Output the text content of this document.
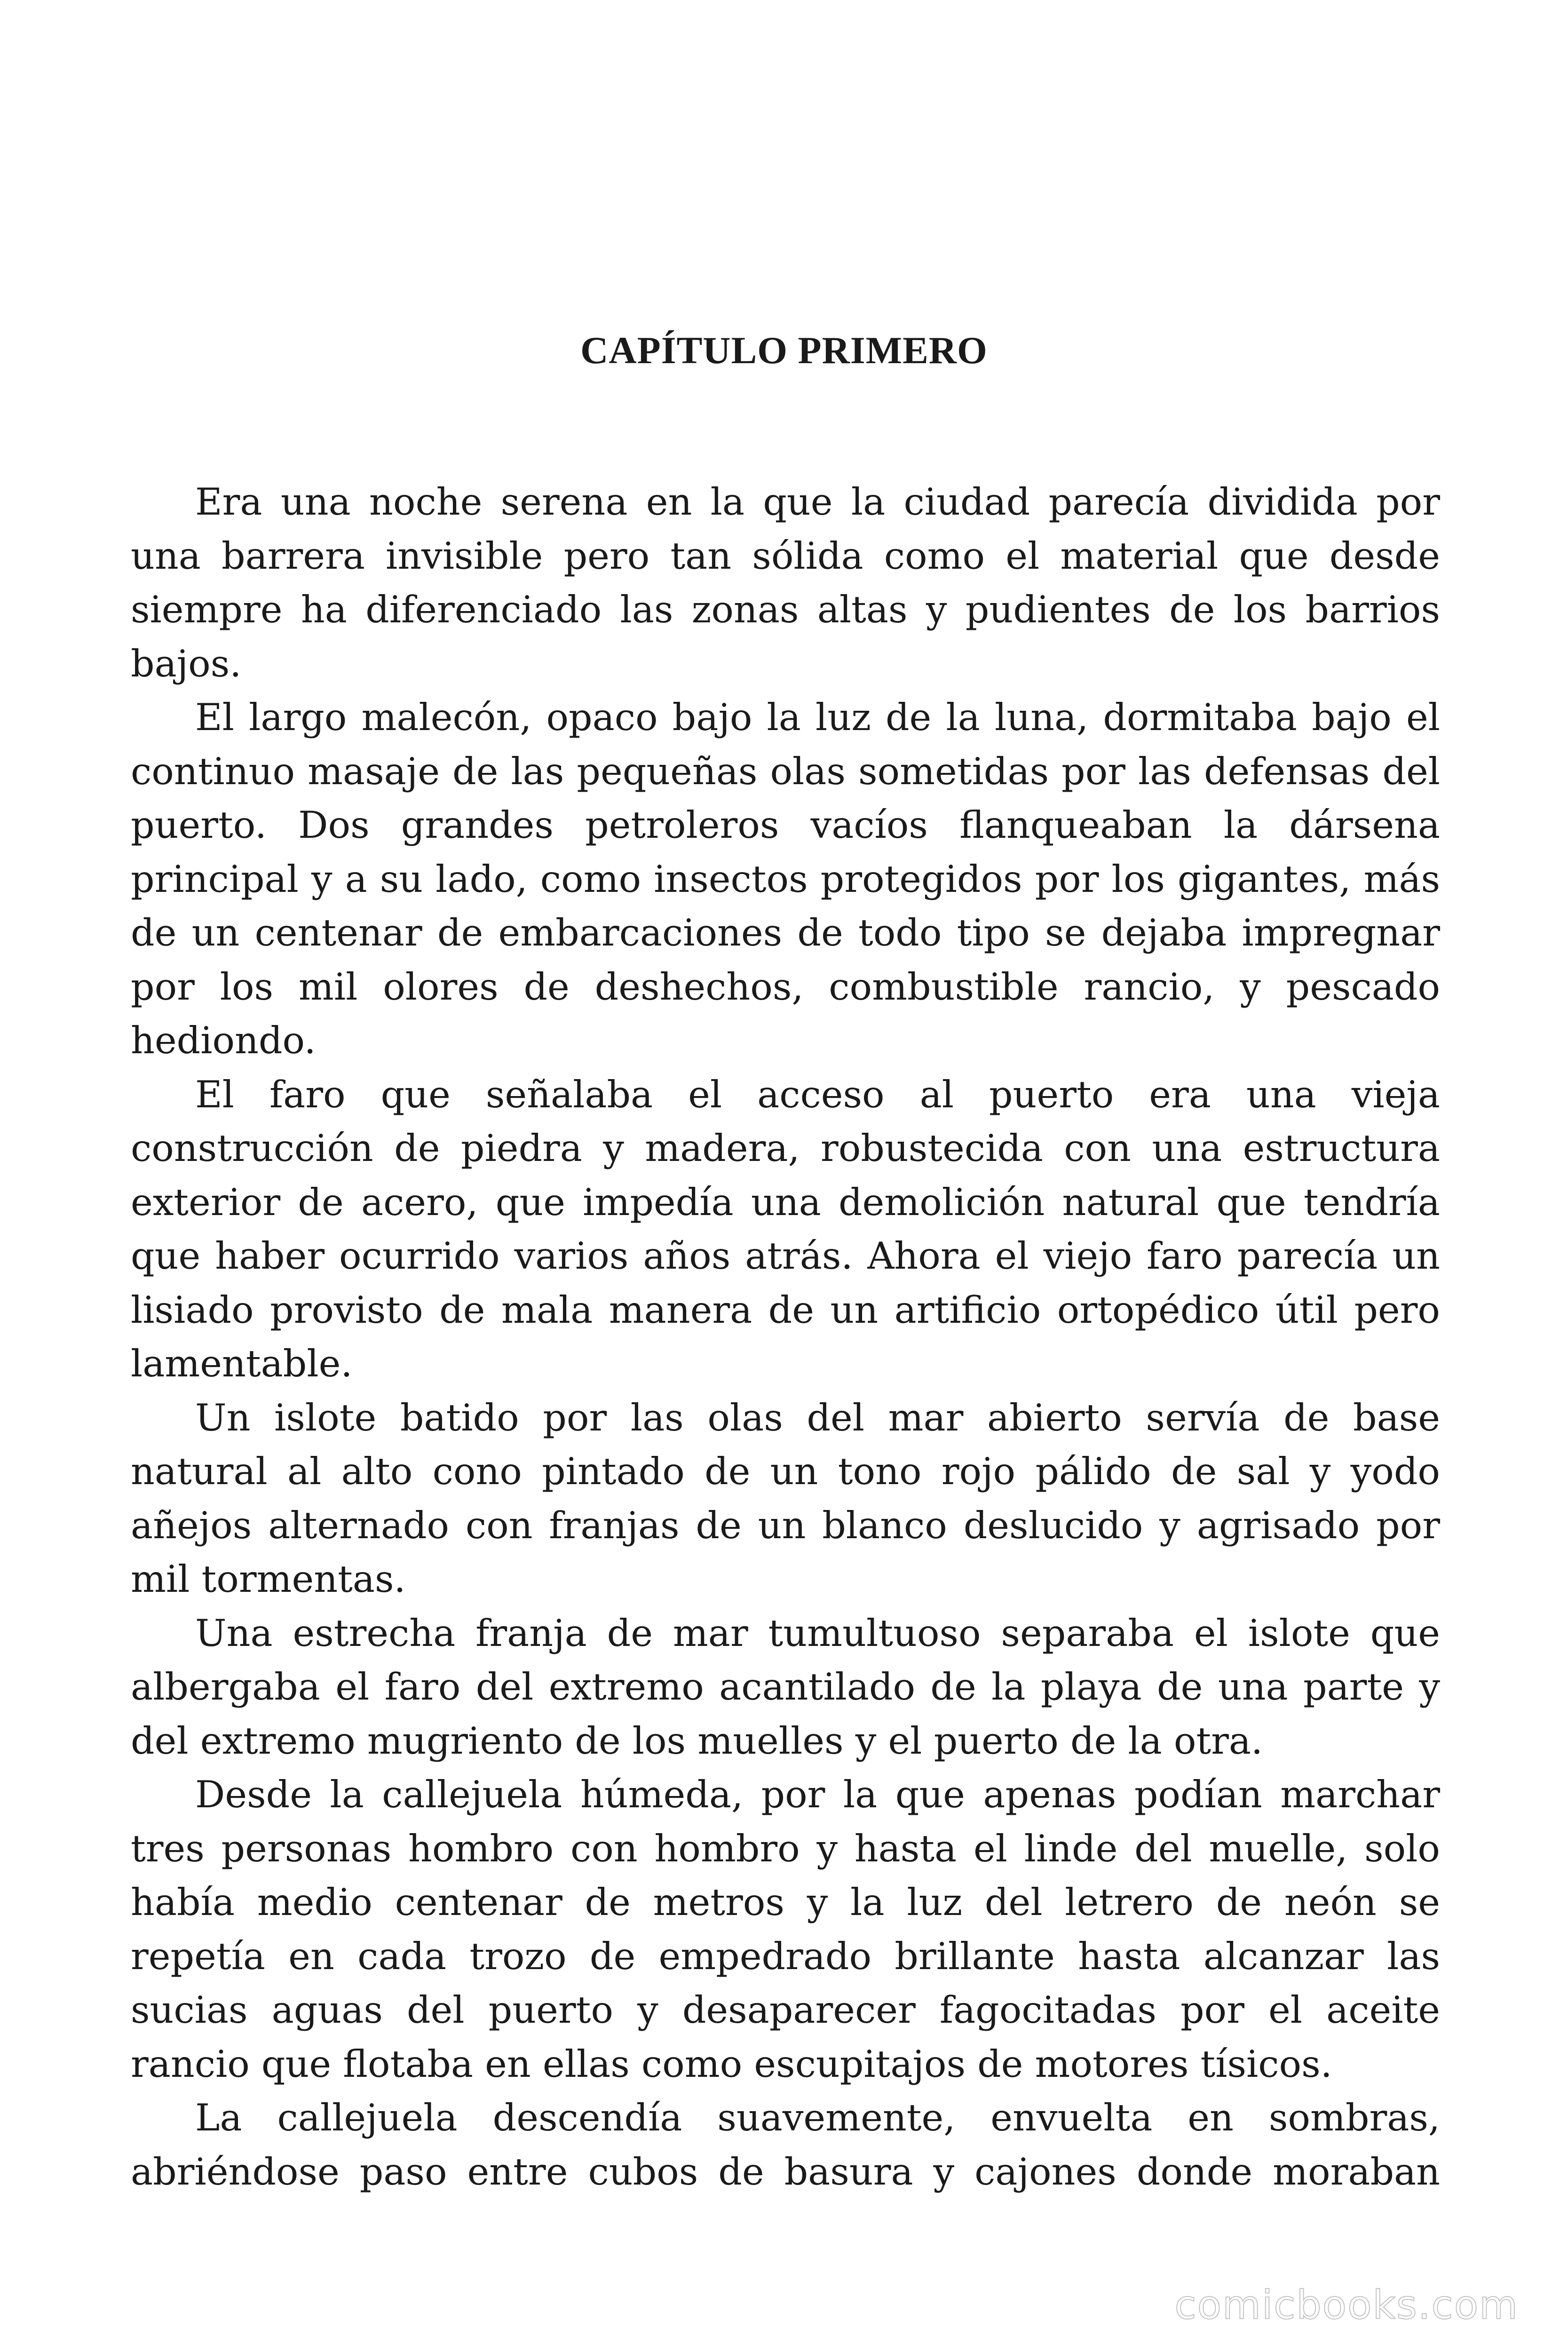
CAPÍTULO PRIMERO

Era una noche serena en la que la ciudad parecía dividida por una barrera invisible pero tan sólida como el material que desde siempre ha diferenciado las zonas altas y pudientes de los barrios bajos.

El largo malecón, opaco bajo la luz de la luna, dormitaba bajo el continuo masaje de las pequeñas olas sometidas por las defensas del puerto. Dos grandes petroleros vacíos flanqueaban la dársena principal y a su lado, como insectos protegidos por los gigantes, más de un centenar de embarcaciones de todo tipo se dejaba impregnar por los mil olores de deshechos, combustible rancio, y pescado hediondo.

El faro que señalaba el acceso al puerto era una vieja construcción de piedra y madera, robustecida con una estructura exterior de acero, que impedía una demolición natural que tendría que haber ocurrido varios años atrás. Ahora el viejo faro parecía un lisiado provisto de mala manera de un artificio ortopédico útil pero lamentable.

Un islote batido por las olas del mar abierto servía de base natural al alto cono pintado de un tono rojo pálido de sal y yodo añejos alternado con franjas de un blanco deslucido y agrisado por mil tormentas.

Una estrecha franja de mar tumultuoso separaba el islote que albergaba el faro del extremo acantilado de la playa de una parte y del extremo mugriento de los muelles y el puerto de la otra.

Desde la callejuela húmeda, por la que apenas podían marchar tres personas hombro con hombro y hasta el linde del muelle, solo había medio centenar de metros y la luz del letrero de neón se repetía en cada trozo de empedrado brillante hasta alcanzar las sucias aguas del puerto y desaparecer fagocitadas por el aceite rancio que flotaba en ellas como escupitajos de motores tísicos.

La callejuela descendía suavemente, envuelta en sombras, abriéndose paso entre cubos de basura y cajones donde moraban

comicbooks.com
